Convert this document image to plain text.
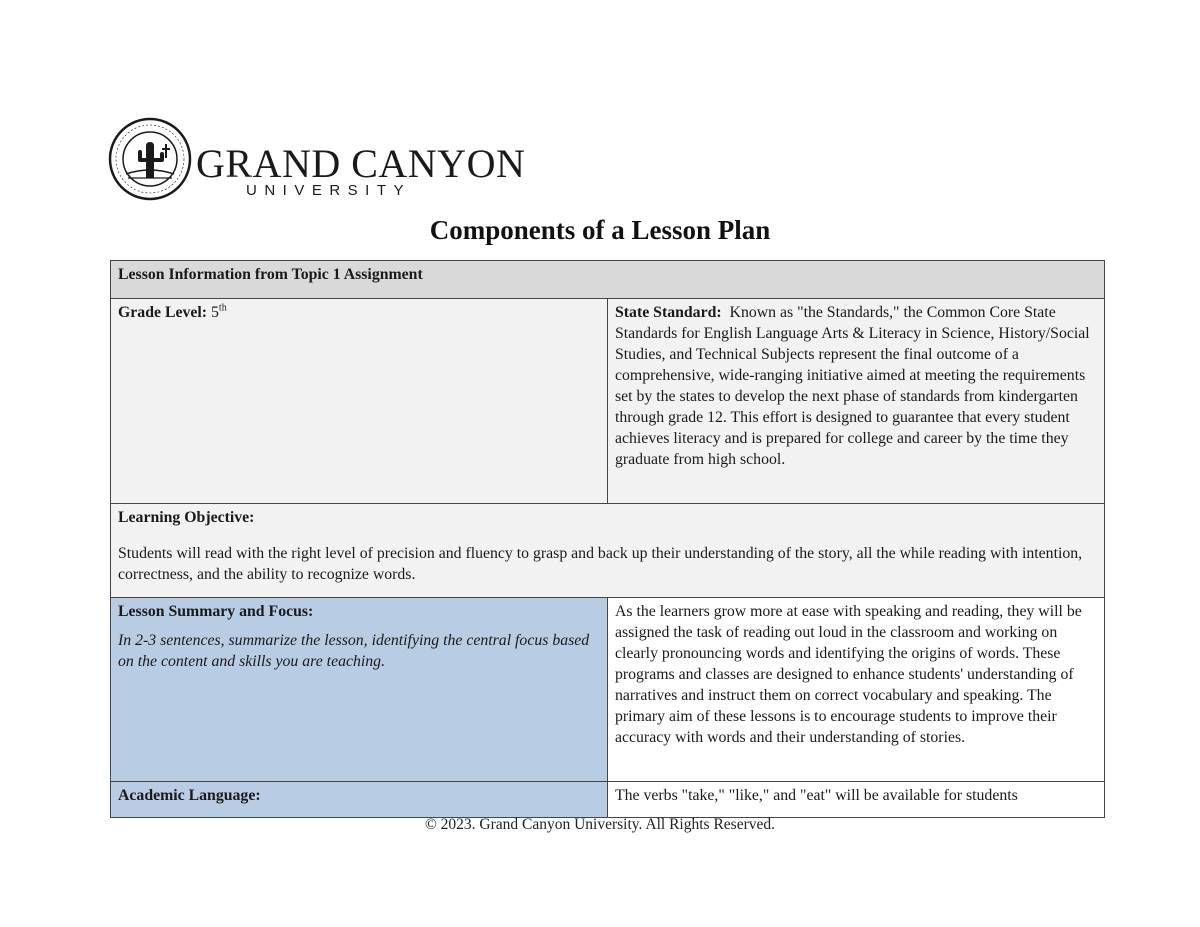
GRAND CANYON
UNIVERSITY
Components of a Lesson Plan
Lesson Information from Topic 1 Assignment	
Grade Level: 5th	State Standard: Known as "the Standards," the Common Core State Standards for English Language Arts & Literacy in Science, History/Social Studies, and Technical Subjects represent the final outcome of a comprehensive, wide-ranging initiative aimed at meeting the requirements set by the states to develop the next phase of standards from kindergarten through grade 12. This effort is designed to guarantee that every student achieves literacy and is prepared for college and career by the time they graduate from high school.

Learning Objective:
Students will read with the right level of precision and fluency to grasp and back up their understanding of the story, all the while reading with intention, correctness, and the ability to recognize words.	

Lesson Summary and Focus:
In 2-3 sentences, summarize the lesson, identifying the central focus based on the content and skills you are teaching.	As the learners grow more at ease with speaking and reading, they will be assigned the task of reading out loud in the classroom and working on clearly pronouncing words and identifying the origins of words. These programs and classes are designed to enhance students' understanding of narratives and instruct them on correct vocabulary and speaking. The primary aim of these lessons is to encourage students to improve their accuracy with words and their understanding of stories.
Academic Language:	The verbs "take," "like," and "eat" will be available for students
© 2023. Grand Canyon University. All Rights Reserved.
